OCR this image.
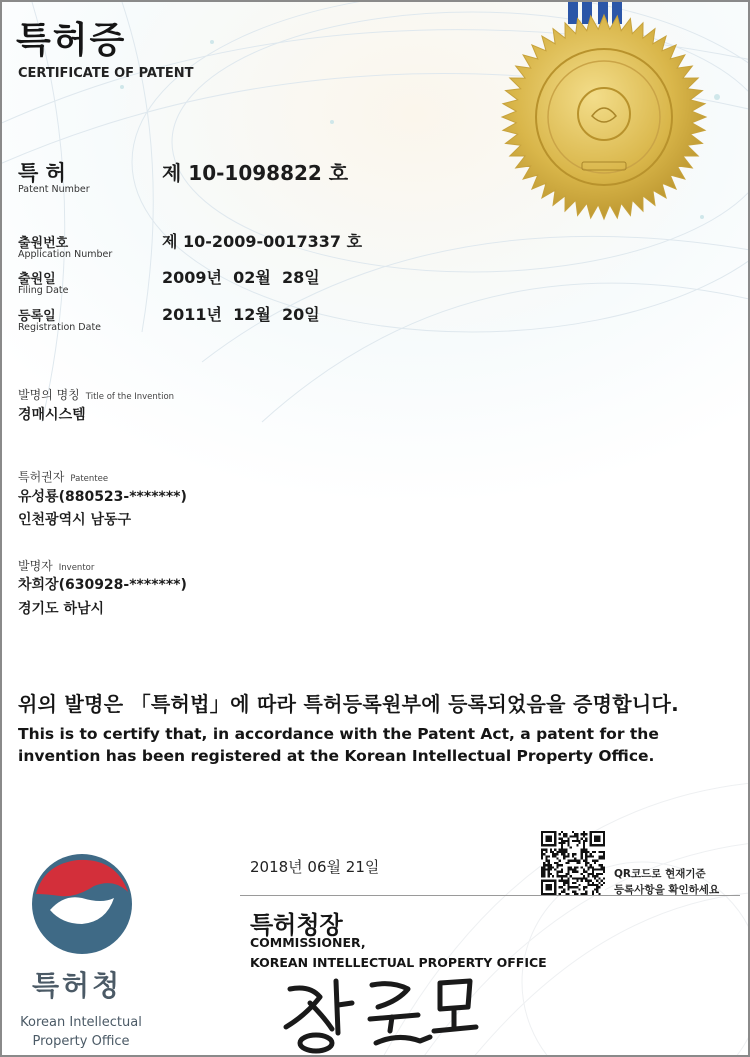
특허증
CERTIFICATE OF PATENT
특 허
Patent Number
제 10-1098822 호
출원번호
Application Number
제 10-2009-0017337 호
출원일
Filing Date
2009년  02월  28일
등록일
Registration Date
2011년  12월  20일
발명의 명칭 Title of the Invention
경매시스템
특허권자 Patentee
유성룡(880523-*******)
인천광역시 남동구
발명자 Inventor
차희장(630928-*******)
경기도 하남시
위의 발명은 「특허법」에 따라 특허등록원부에 등록되었음을 증명합니다.
This is to certify that, in accordance with the Patent Act, a patent for the invention has been registered at the Korean Intellectual Property Office.
2018년 06월 21일	QR코드로 현재기준
등록사항을 확인하세요
특허청장
COMMISSIONER,
KOREAN INTELLECTUAL PROPERTY OFFICE
특허청
Korean Intellectual
Property Office
